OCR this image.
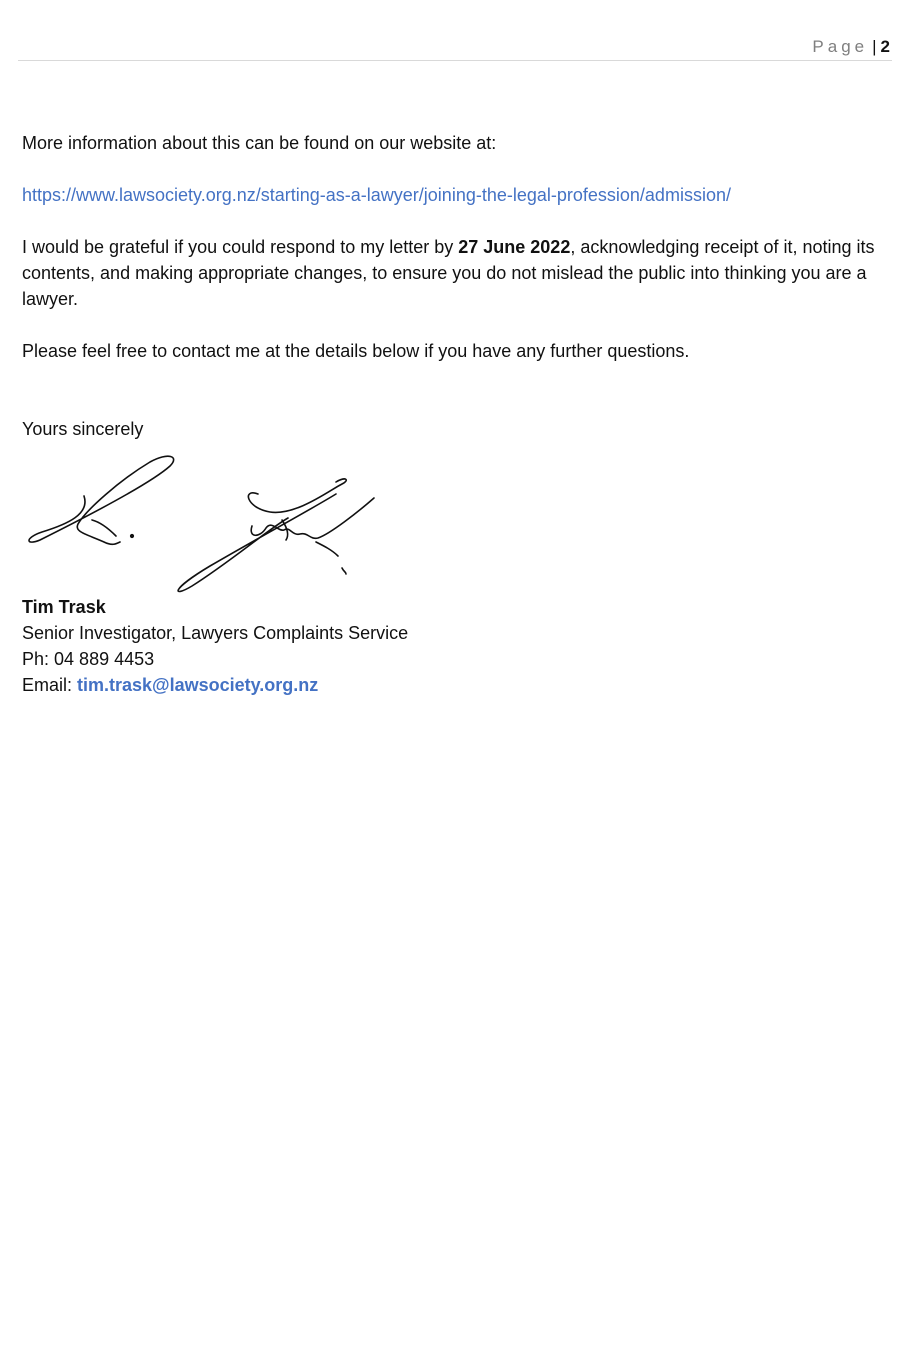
Page | 2

More information about this can be found on our website at:

https://www.lawsociety.org.nz/starting-as-a-lawyer/joining-the-legal-profession/admission/

I would be grateful if you could respond to my letter by 27 June 2022, acknowledging receipt of it, noting its contents, and making appropriate changes, to ensure you do not mislead the public into thinking you are a lawyer.

Please feel free to contact me at the details below if you have any further questions.

Yours sincerely

Tim Trask

Senior Investigator, Lawyers Complaints Service

Ph: 04 889 4453

Email: tim.trask@lawsociety.org.nz
